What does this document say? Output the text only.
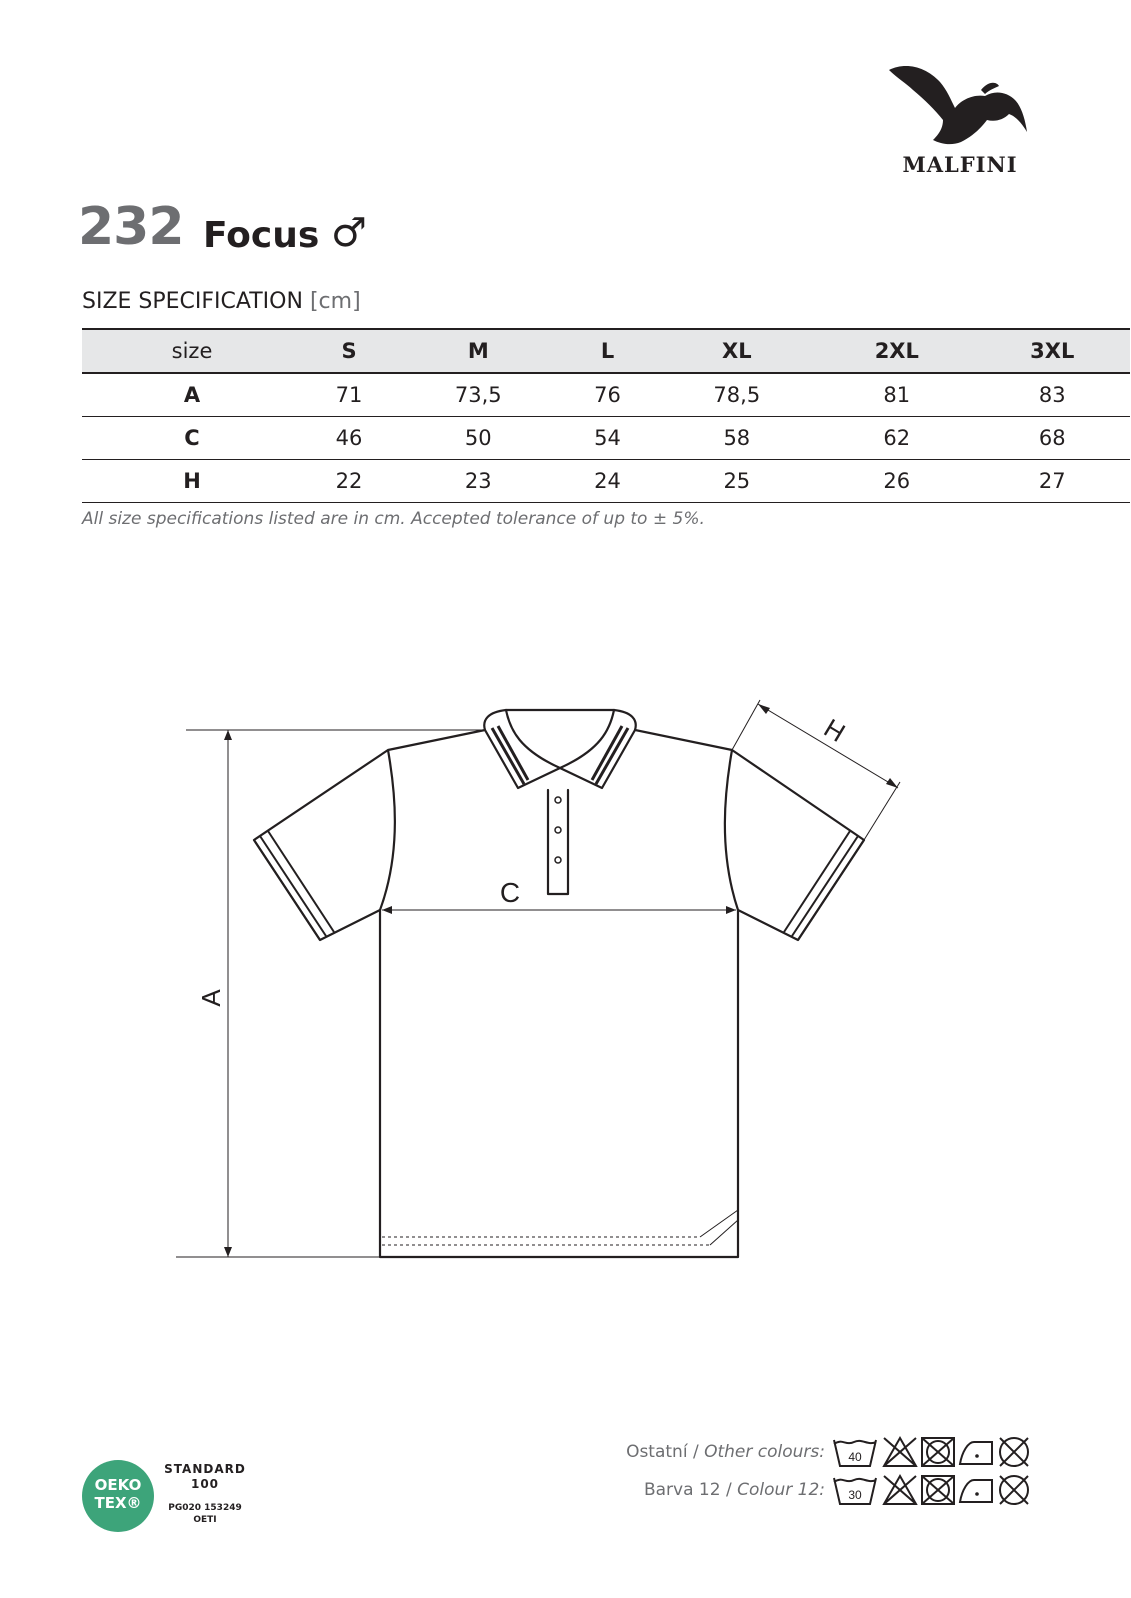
MALFINI
232 Focus ♂
SIZE SPECIFICATION [cm]
size	S	M	L	XL	2XL	3XL
A	71	73,5	76	78,5	81	83
C	46	50	54	58	62	68
H	22	23	24	25	26	27
All size specifications listed are in cm. Accepted tolerance of up to ± 5%.
A
C
H
OEKO
TEX®
STANDARD
100
PG020 153249
OETI
Ostatní / Other colours: 40
Barva 12 / Colour 12: 30
